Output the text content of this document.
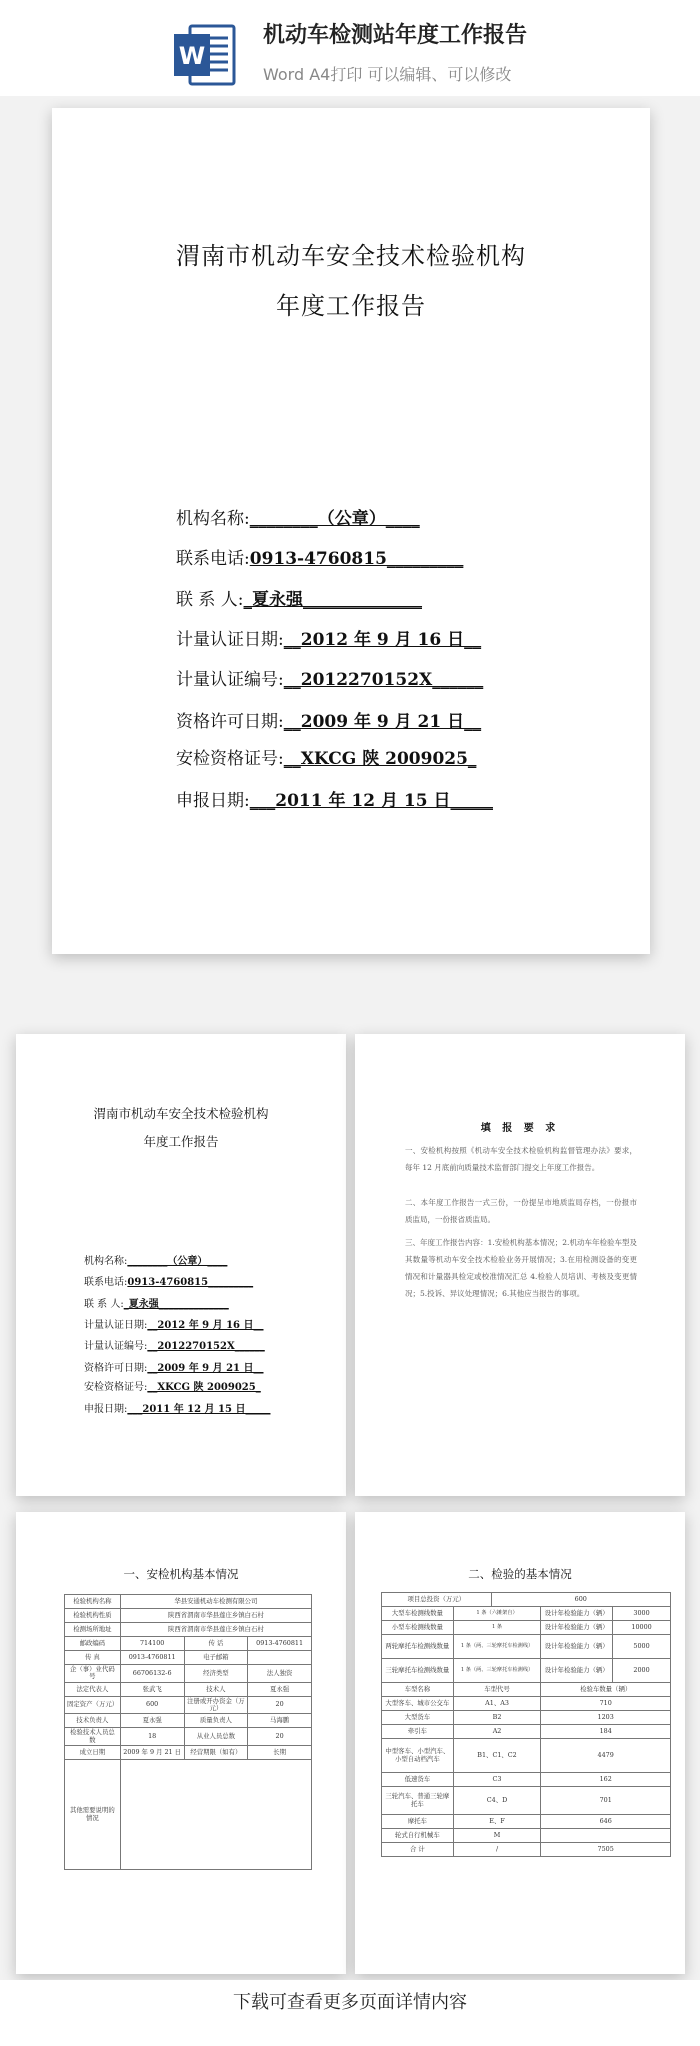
W
机动车检测站年度工作报告
Word A4打印 可以编辑、可以修改
渭南市机动车安全技术检验机构
年度工作报告
机构名称:________（公章）____
联系电话:0913-4760815_________
联 系 人:_夏永强______________
计量认证日期:__2012 年 9 月 16 日__
计量认证编号:__2012270152X______
资格许可日期:__2009 年 9 月 21 日__
安检资格证号:__XKCG 陕 2009025_
申报日期:___2011 年 12 月 15 日_____
渭南市机动车安全技术检验机构
年度工作报告
机构名称:________（公章）____
联系电话:0913-4760815_________
联 系 人:_夏永强______________
计量认证日期:__2012 年 9 月 16 日__
计量认证编号:__2012270152X______
资格许可日期:__2009 年 9 月 21 日__
安检资格证号:__XKCG 陕 2009025_
申报日期:___2011 年 12 月 15 日_____
填 报 要 求
一、安检机构按照《机动车安全技术检验机构监督管理办法》要求，每年 12 月底前向质量技术监督部门提交上年度工作报告。
二、本年度工作报告一式三份，一份提呈市地质监局存档，一份报市质监局，一份报省质监局。
三、年度工作报告内容：1.安检机构基本情况；2.机动车年检验车型及其数量等机动车安全技术检验业务开展情况；3.在用检测设备的变更情况和计量器具检定或校准情况汇总 4.检验人员培训、考核及变更情况；5.投诉、异议处理情况；6.其他应当报告的事项。
一、安检机构基本情况
检验机构名称	华县安通机动车检测有限公司		
检验机构性质	陕西省渭南市华县莲庄乡镇白石村		
检测场所地址	陕西省渭南市华县莲庄乡镇白石村		
邮政编码	714100	传 话	0913-4760811
传 真	0913-4760811	电子邮箱	
企（事）业代码号	66706132-6	经济类型	法人独资
法定代表人	张武飞	技术人	夏永强
固定资产（万元）	600	注册或开办资金（万元）	20
技术负责人	夏永强	质量负责人	马海鹏
检验技术人员总数	18	从业人员总数	20
成立日期	2009 年 9 月 21 日	经营期限（如有）	长期
其他需要说明的情况			
二、检验的基本情况
项目总投资（万元）		600		
大型车检测线数量	1 条（六摊架自）		设计年检验能力（辆）	3000
小型车检测线数量	1 条		设计年检验能力（辆）	10000
两轮摩托车检测线数量	1 条（两、三轮摩托车检测线）		设计年检验能力（辆）	5000
三轮摩托车检测线数量	1 条（两、三轮摩托车检测线）		设计年检验能力（辆）	2000
车型名称	车型代号		检验车数量（辆）	
大型客车、城市公交车	A1、A3		710	
大型货车	B2		1203	
牵引车	A2		184	
中型客车、小型汽车、小型自动档汽车	B1、C1、C2		4479	
低速货车	C3		162	
三轮汽车、普通三轮摩托车	C4、D		701	
摩托车	E、F		646	
轮式自行机械车	M			
合 计	/		7505	
下载可查看更多页面详情内容
